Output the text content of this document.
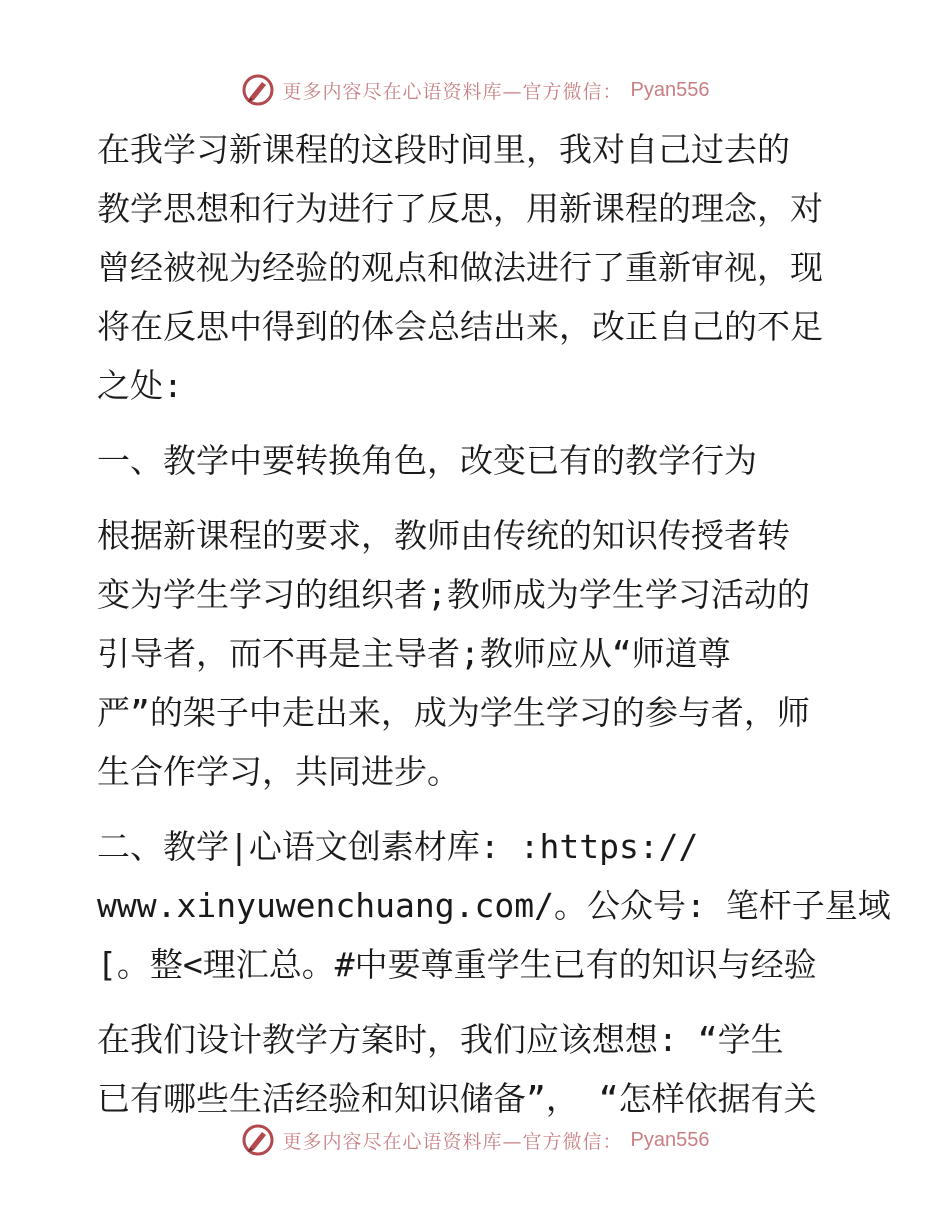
更多内容尽在心语资料库—官方微信： Pyan556
在我学习新课程的这段时间里，我对自己过去的
教学思想和行为进行了反思，用新课程的理念，对
曾经被视为经验的观点和做法进行了重新审视，现
将在反思中得到的体会总结出来，改正自己的不足
之处:
一、教学中要转换角色，改变已有的教学行为
根据新课程的要求，教师由传统的知识传授者转
变为学生学习的组织者;教师成为学生学习活动的
引导者，而不再是主导者;教师应从“师道尊
严”的架子中走出来，成为学生学习的参与者，师
生合作学习，共同进步。
二、教学|心语文创素材库: :https://
www.xinyuwenchuang.com/。公众号: 笔杆子星域
[。整<理汇总。#中要尊重学生已有的知识与经验
在我们设计教学方案时，我们应该想想: “学生
已有哪些生活经验和知识储备”， “怎样依据有关
更多内容尽在心语资料库—官方微信： Pyan556
